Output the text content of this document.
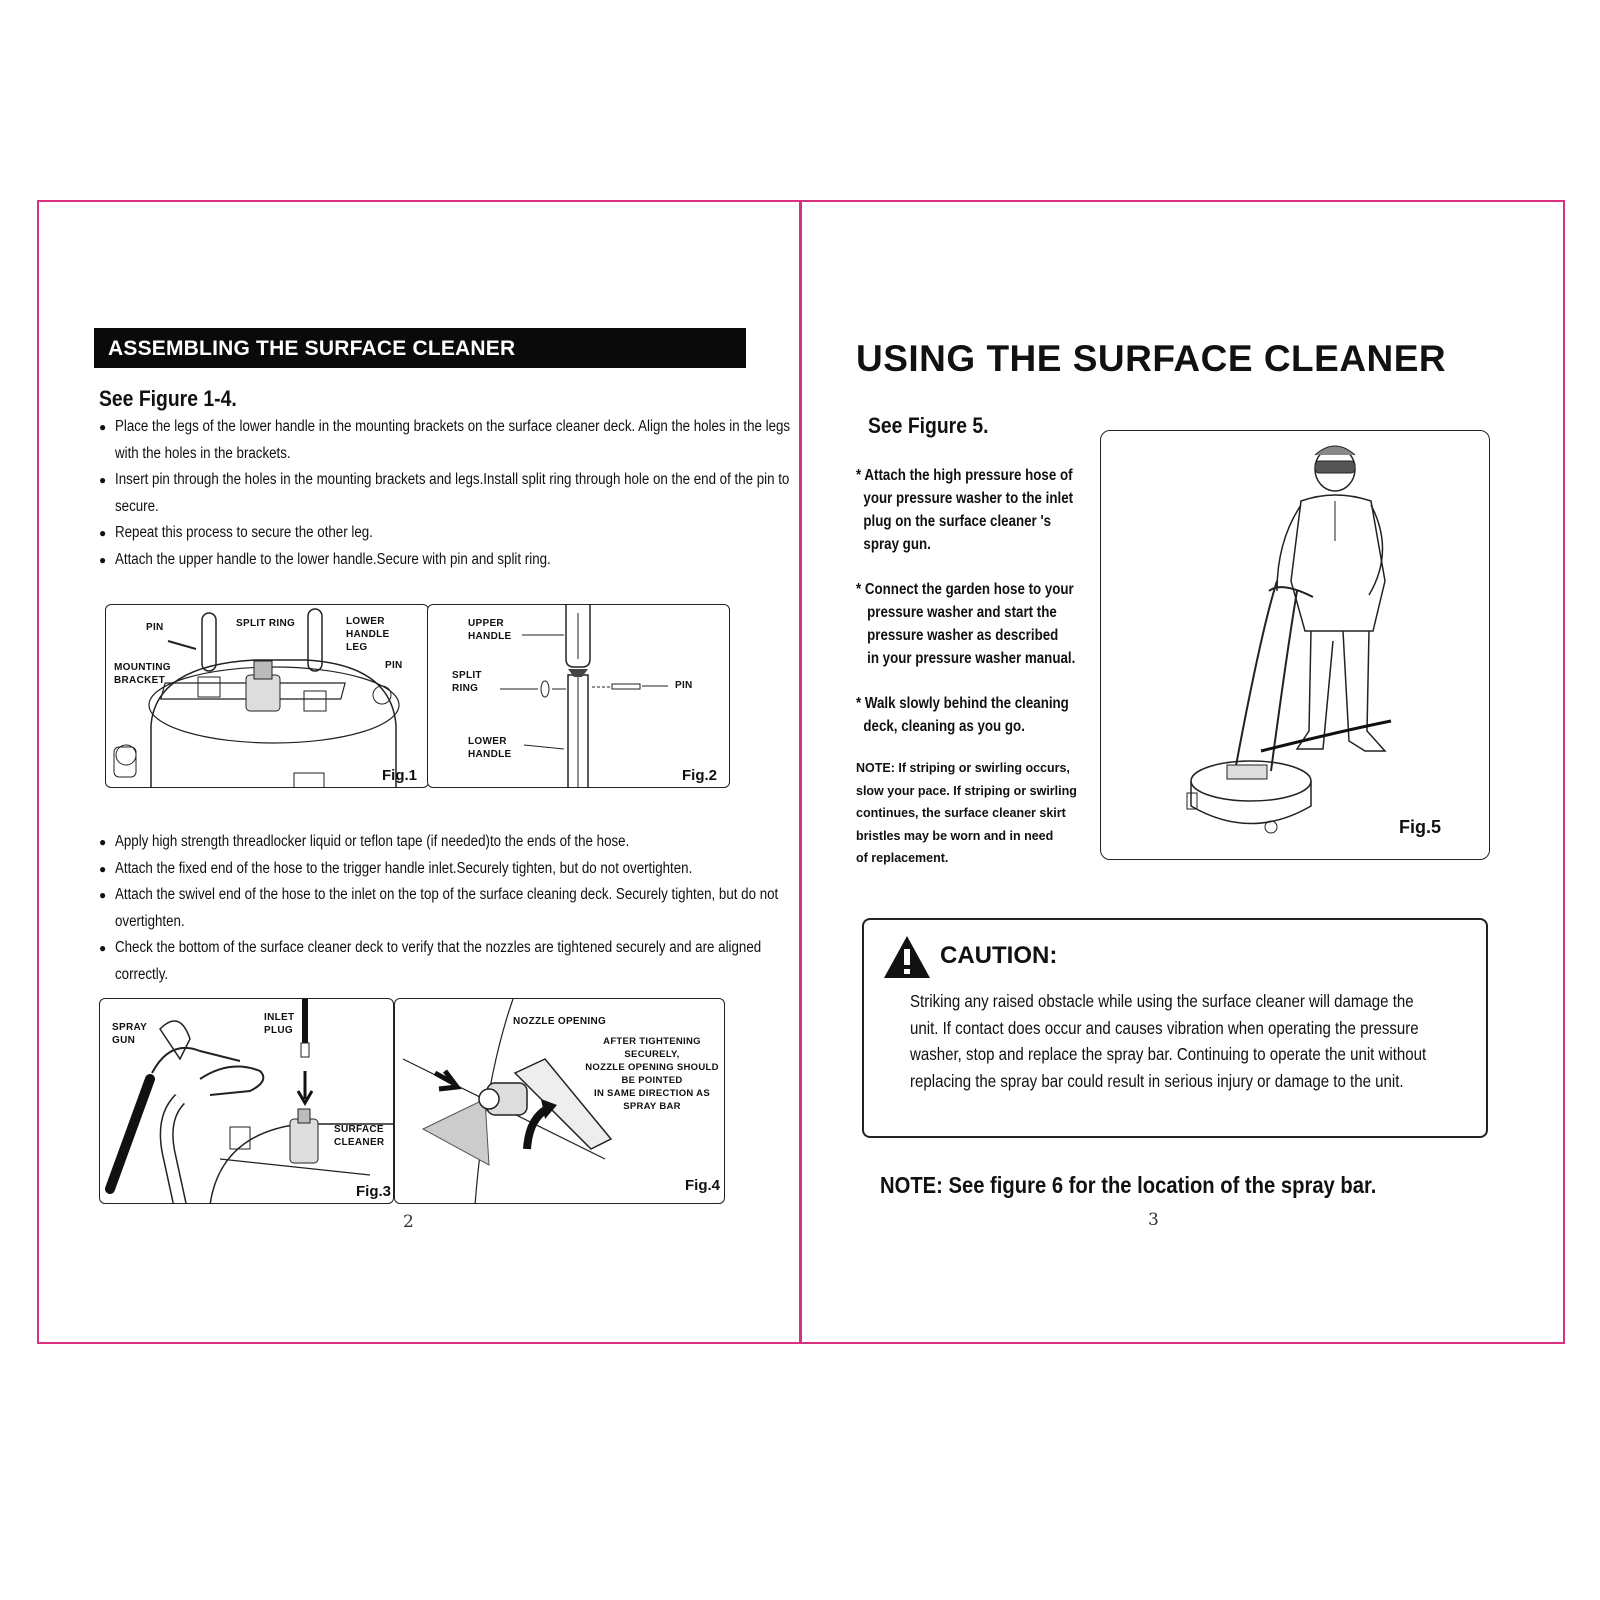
ASSEMBLING THE SURFACE CLEANER
See Figure 1-4.
● Place the legs of the lower handle in the mounting brackets on the surface cleaner deck. Align the holes in the legs with the holes in the brackets.
● Insert pin through the holes in the mounting brackets and legs.Install split ring through hole on the end of the pin to secure.
● Repeat this process to secure the other leg.
● Attach the upper handle to the lower handle.Secure with pin and split ring.
PIN	SPLIT RING	LOWER
HANDLE
LEG
MOUNTING
BRACKET
PIN
Fig.1
UPPER
HANDLE
SPLIT
RING	PIN
LOWER
HANDLE
Fig.2
● Apply high strength threadlocker liquid or teflon tape (if needed)to the ends of the hose.
● Attach the fixed end of the hose to the trigger handle inlet.Securely tighten, but do not overtighten.
● Attach the swivel end of the hose to the inlet on the top of the surface cleaning deck. Securely tighten, but do not overtighten.
● Check the bottom of the surface cleaner deck to verify that the nozzles are tightened securely and are aligned correctly.
SPRAY
GUN
INLET
PLUG
SURFACE
CLEANER
Fig.3
NOZZLE OPENING
AFTER TIGHTENING
SECURELY,
NOZZLE OPENING SHOULD
BE POINTED
IN SAME DIRECTION AS
SPRAY BAR
Fig.4
2
USING THE SURFACE CLEANER
See Figure 5.
* Attach the high pressure hose of
your pressure washer to the inlet
plug on the surface cleaner 's
spray gun.
* Connect the garden hose to your
pressure washer and start the
pressure washer as described
in your pressure washer manual.
* Walk slowly behind the cleaning
deck, cleaning as you go.
NOTE: If striping or swirling occurs,
slow your pace. If striping or swirling
continues, the surface cleaner skirt
bristles may be worn and in need
of replacement.
Fig.5
CAUTION:
Striking any raised obstacle while using the surface cleaner will damage the unit. If contact does occur and causes vibration when operating the pressure washer, stop and replace the spray bar. Continuing to operate the unit without replacing the spray bar could result in serious injury or damage to the unit.
NOTE: See figure 6 for the location of the spray bar.
3
